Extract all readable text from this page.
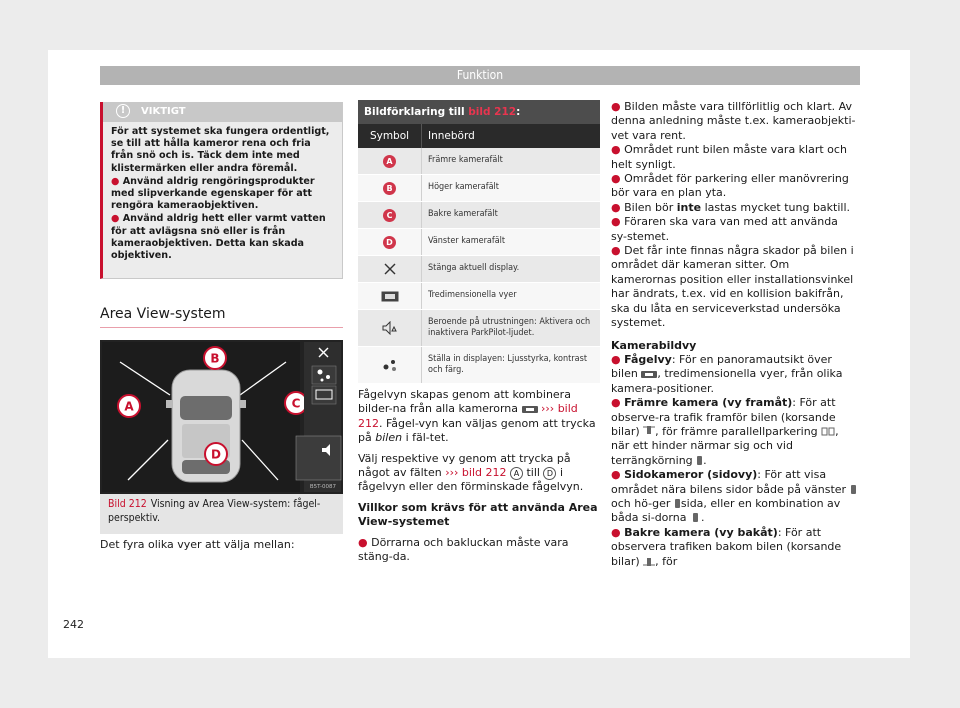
Funktion
!	VIKTIGT

För att systemet ska fungera ordentligt, se till att hålla kameror rena och fria från snö och is. Täck dem inte med klistermärken eller andra föremål.

● Använd aldrig rengöringsprodukter med slipverkande egenskaper för att rengöra kameraobjektiven.

● Använd aldrig hett eller varmt vatten för att avlägsna snö eller is från kameraobjektiven. Detta kan skada objektiven.

Area View-system
B
A	C
D
B5T-0087
Bild 212 Visning av Area View-system: fågel-perspektiv.
Det fyra olika vyer att välja mellan:
Bildförklaring till bild 212:
Symbol	Innebörd
A	Främre kamerafält
B	Höger kamerafält
C	Bakre kamerafält
D	Vänster kamerafält
Stänga aktuell display.
Tredimensionella vyer
Beroende på utrustningen: Aktivera och inaktivera ParkPilot-ljudet.
Ställa in displayen: Ljusstyrka, kontrast och färg.

Fågelvyn skapas genom att kombinera bilder-na från alla kamerorna ››› bild 212. Fågel-vyn kan väljas genom att trycka på bilen i fäl-tet.

Välj respektive vy genom att trycka på något av fälten ››› bild 212 A till D i fågelvyn eller den förminskade fågelvyn.

Villkor som krävs för att använda Area View-systemet

● Dörrarna och bakluckan måste vara stäng-da.

● Bilden måste vara tillförlitlig och klart. Av denna anledning måste t.ex. kameraobjekti-vet vara rent.
● Området runt bilen måste vara klart och helt synligt.
● Området för parkering eller manövrering bör vara en plan yta.
● Bilen bör inte lastas mycket tung baktill.
● Föraren ska vara van med att använda sy-stemet.
● Det får inte finnas några skador på bilen i området där kameran sitter. Om kamerornas position eller installationsvinkel har ändrats, t.ex. vid en kollision bakifrån, ska du låta en serviceverkstad undersöka systemet.
Kamerabildvy
● Fågelvy: För en panoramautsikt över bilen , tredimensionella vyer, från olika kamera-positioner.
● Främre kamera (vy framåt): För att observe-ra trafik framför bilen (korsande bilar) , för främre parallellparkering , när ett hinder närmar sig och vid terrängkörning .
● Sidokameror (sidovy): För att visa området nära bilens sidor både på vänster  och hö-ger sida, eller en kombination av båda si-dorna .
● Bakre kamera (vy bakåt): För att observera trafiken bakom bilen (korsande bilar) , för
242
